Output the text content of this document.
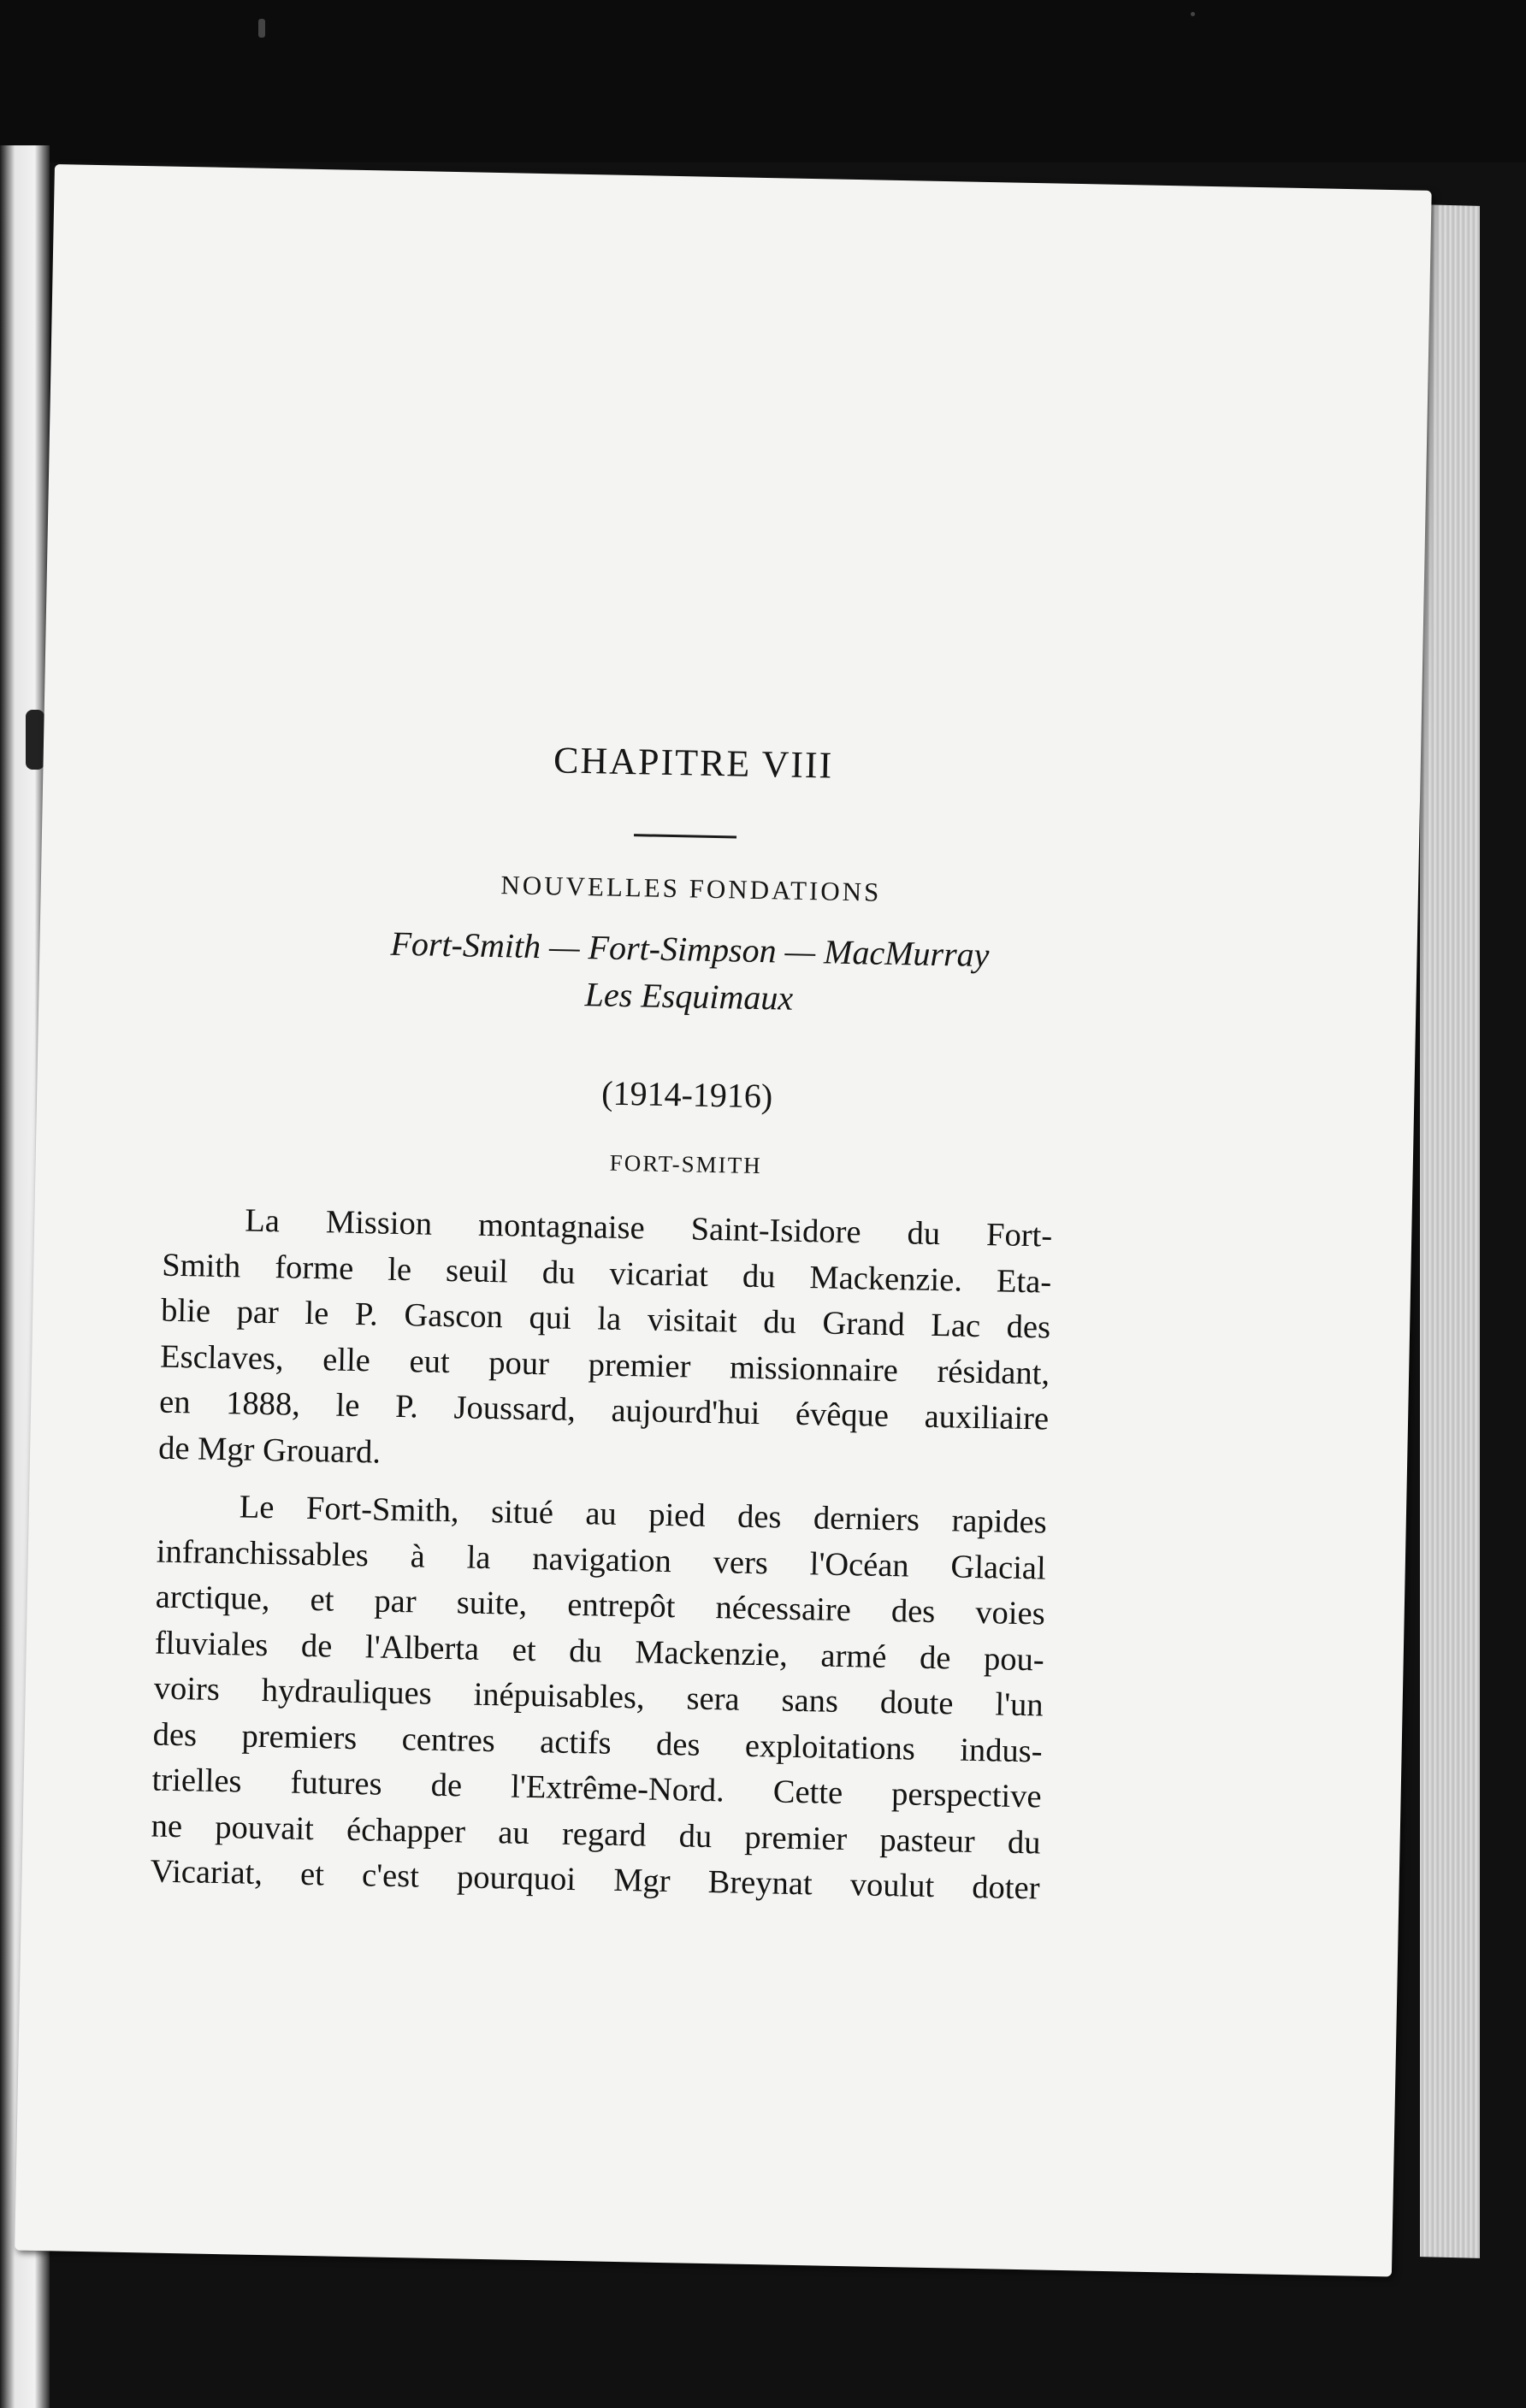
CHAPITRE VIII
NOUVELLES FONDATIONS
Fort-Smith — Fort-Simpson — MacMurray
Les Esquimaux
(1914-1916)
FORT-SMITH
La Mission montagnaise Saint-Isidore du Fort-
Smith forme le seuil du vicariat du Mackenzie. Eta-
blie par le P. Gascon qui la visitait du Grand Lac des
Esclaves, elle eut pour premier missionnaire résidant,
en 1888, le P. Joussard, aujourd'hui évêque auxiliaire
de Mgr Grouard.
Le Fort-Smith, situé au pied des derniers rapides
infranchissables à la navigation vers l'Océan Glacial
arctique, et par suite, entrepôt nécessaire des voies
fluviales de l'Alberta et du Mackenzie, armé de pou-
voirs hydrauliques inépuisables, sera sans doute l'un
des premiers centres actifs des exploitations indus-
trielles futures de l'Extrême-Nord. Cette perspective
ne pouvait échapper au regard du premier pasteur du
Vicariat, et c'est pourquoi Mgr Breynat voulut doter
